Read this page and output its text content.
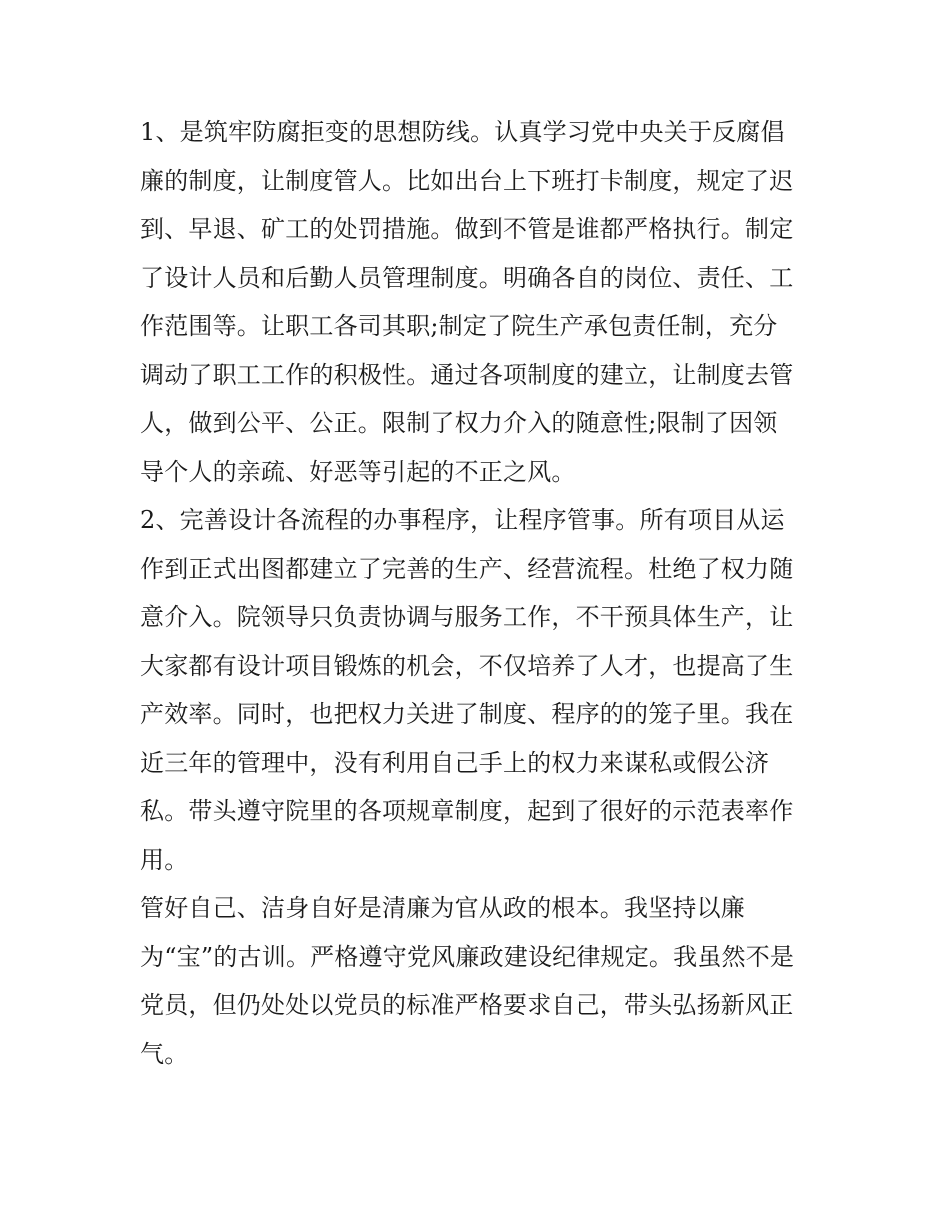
1、是筑牢防腐拒变的思想防线。认真学习党中央关于反腐倡
廉的制度，让制度管人。比如出台上下班打卡制度，规定了迟
到、早退、矿工的处罚措施。做到不管是谁都严格执行。制定
了设计人员和后勤人员管理制度。明确各自的岗位、责任、工
作范围等。让职工各司其职;制定了院生产承包责任制，充分
调动了职工工作的积极性。通过各项制度的建立，让制度去管
人，做到公平、公正。限制了权力介入的随意性;限制了因领
导个人的亲疏、好恶等引起的不正之风。
2、完善设计各流程的办事程序，让程序管事。所有项目从运
作到正式出图都建立了完善的生产、经营流程。杜绝了权力随
意介入。院领导只负责协调与服务工作，不干预具体生产，让
大家都有设计项目锻炼的机会，不仅培养了人才，也提高了生
产效率。同时，也把权力关进了制度、程序的的笼子里。我在
近三年的管理中，没有利用自己手上的权力来谋私或假公济
私。带头遵守院里的各项规章制度，起到了很好的示范表率作
用。
管好自己、洁身自好是清廉为官从政的根本。我坚持以廉
为“宝”的古训。严格遵守党风廉政建设纪律规定。我虽然不是
党员，但仍处处以党员的标准严格要求自己，带头弘扬新风正
气。
